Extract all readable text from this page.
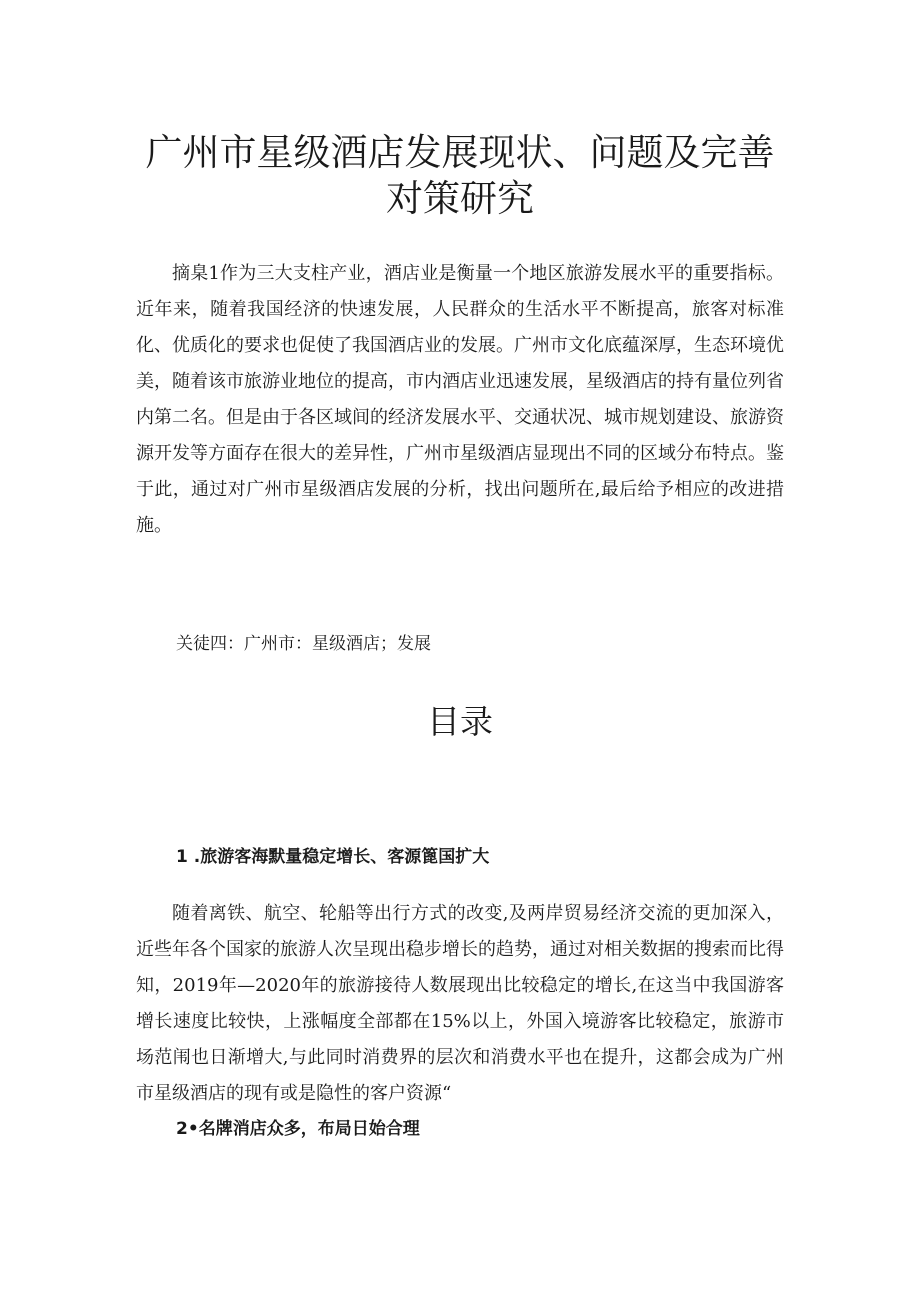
广州市星级酒店发展现状、问题及完善对策研究

摘臬1作为三大支柱产业，酒店业是衡量一个地区旅游发展水平的重要指标。近年来，随着我国经济的快速发展，人民群众的生活水平不断提高，旅客对标准化、优质化的要求也促使了我国酒店业的发展。广州市文化底蕴深厚，生态环境优美，随着该市旅游业地位的提高，市内酒店业迅速发展，星级酒店的持有量位列省内第二名。但是由于各区域间的经济发展水平、交通状况、城市规划建设、旅游资源开发等方面存在很大的差异性，广州市星级酒店显现出不同的区域分布特点。鉴于此，通过对广州市星级酒店发展的分析，找出问题所在,最后给予相应的改进措施。

关徒四：广州市：星级酒店；发展

目录
1 .旅游客海默量稳定增长、客源篦国扩大

随着离铁、航空、轮船等出行方式的改变,及两岸贸易经济交流的更加深入，近些年各个国家的旅游人次呈现出稳步增长的趋势，通过对相关数据的搜索而比得知，2019年—2020年的旅游接待人数展现出比较稳定的增长,在这当中我国游客增长速度比较快，上涨幅度全部都在15%以上，外国入境游客比较稳定，旅游市场范闱也日渐增大,与此同时消费界的层次和消费水平也在提升，这都会成为广州市星级酒店的现有或是隐性的客户资源“

2•名牌消店众多，布局日始合理
